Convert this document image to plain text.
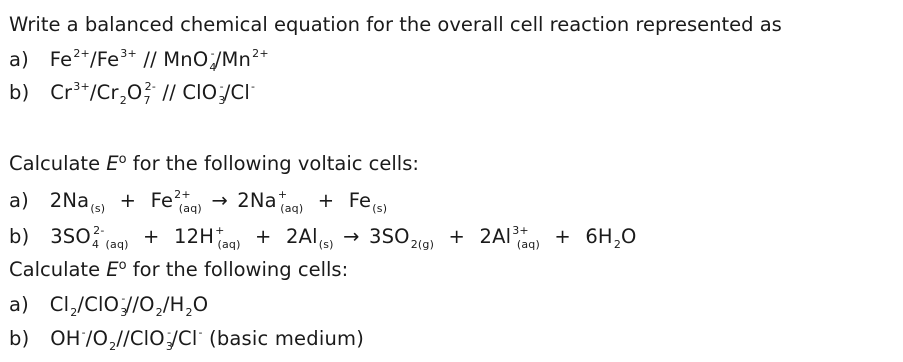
Write a balanced chemical equation for the overall cell reaction represented as
a) $Fe^{2+}/Fe^{3+} // MnO_4^-/Mn^{2+}$
b) $Cr^{3+}/Cr_2O_7^{2-} // ClO_3^-/Cl^-$
Calculate $E^o$ for the following voltaic cells:
a) $2Na_{(s)} + Fe^{2+}_{(aq)} \to 2Na^+_{(aq)} + Fe_{(s)}$
b) $3SO_4^{2-}_{(aq)} + 12H^+_{(aq)} + 2Al_{(s)} \to 3SO_{2(g)} + 2Al^{3+}_{(aq)} + 6H_2O$
Calculate $E^o$ for the following cells:
a) $Cl_2/ClO_3^-//O_2/H_2O$
b) $OH^-/O_2//ClO_3^-/Cl^-$ (basic medium)
